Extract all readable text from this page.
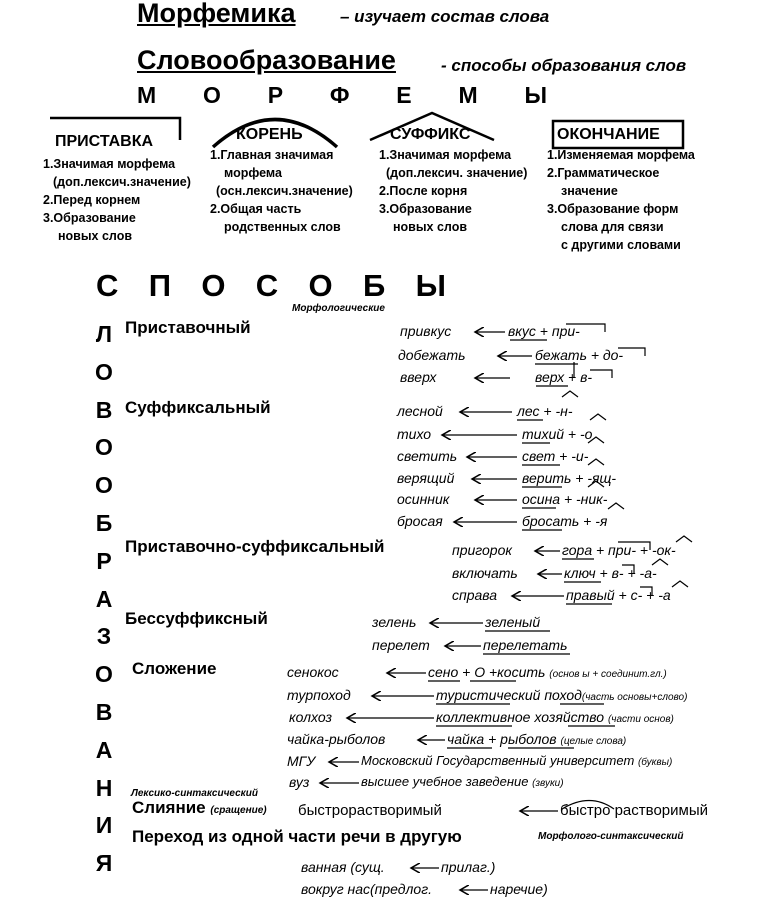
Морфемика	– изучает состав слова
Словообразование	- способы образования слов
М О Р Ф Е М Ы
ПРИСТАВКА
1.Значимая морфема
(доп.лексич.значение)
2.Перед корнем
3.Образование
новых слов
КОРЕНЬ
1.Главная значимая
морфема
(осн.лексич.значение)
2.Общая часть
родственных слов
СУФФИКС
1.Значимая морфема
(доп.лексич. значение)
2.После корня
3.Образование
новых слов
ОКОНЧАНИЕ
1.Изменяемая морфема
2.Грамматическое
значение
3.Образование форм
слова для связи
с другими словами
С П О С О Б Ы
Морфологические
Л
О
В
О
О
Б
Р
А
З
О
В
А
Н
И
Я
Приставочный
Суффиксальный
Приставочно-суффиксальный
Бессуффиксный
Сложение
Лексико-синтаксический
Слияние (сращение)
Переход из одной части речи в другую	Морфолого-синтаксический
привкус	вкус + при-
добежать	бежать + до-
вверх	верх + в-
лесной	лес + -н-
тихо	тихий + -о
светить	свет + -и-
верящий	верить + -ящ-
осинник	осина + -ник-
бросая	бросать + -я
пригорок	гора + при- + -ок-
включать	ключ + в- + -а-
справа	правый + с- + -а
зелень	зеленый
перелет	перелетать
сенокос	сено + О +косить (основ ы + соединит.гл.)
турпоход	туристический поход(часть основы+слово)
колхоз	коллективное хозяйство (части основ)
чайка-рыболов	чайка + рыболов (целые слова)
МГУ	Московский Государственный университет (буквы)
вуз	высшее учебное заведение (звуки)
быстрорастворимый	быстро растворимый
ванная (сущ.	прилаг.)
вокруг нас(предлог.	наречие)
